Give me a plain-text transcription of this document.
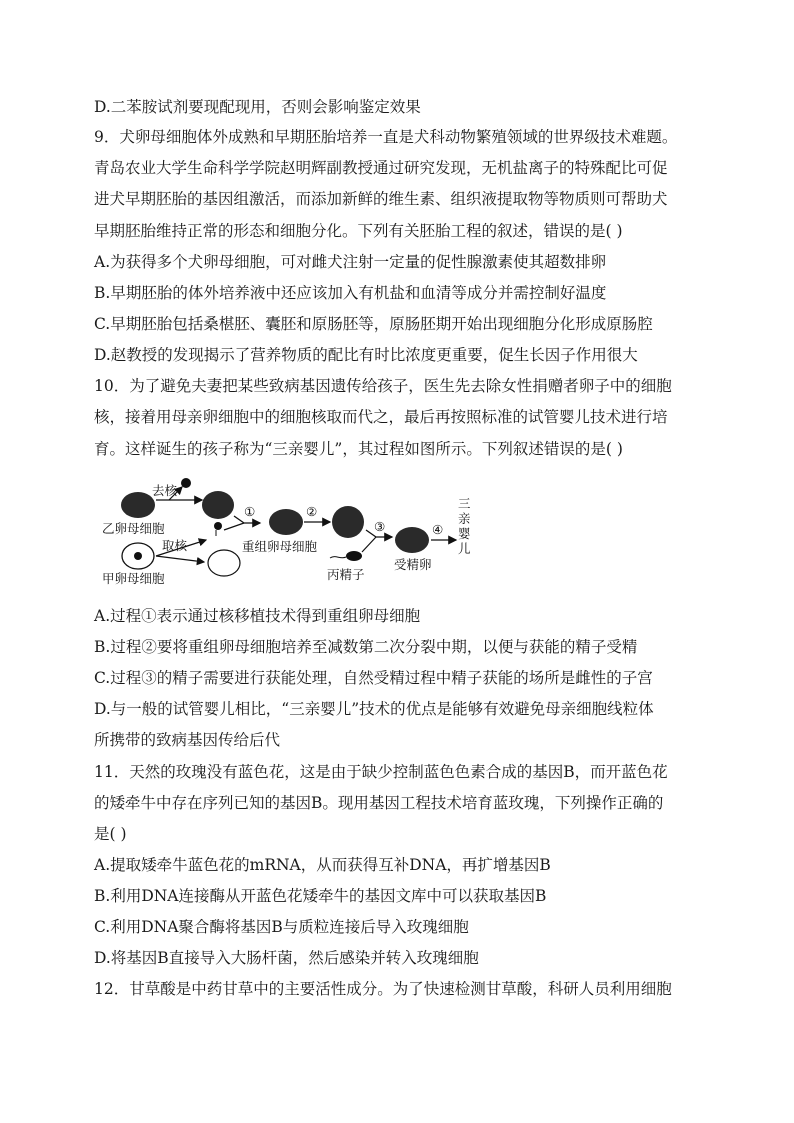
D.二苯胺试剂要现配现用，否则会影响鉴定效果
9．犬卵母细胞体外成熟和早期胚胎培养一直是犬科动物繁殖领域的世界级技术难题。
青岛农业大学生命科学学院赵明辉副教授通过研究发现，无机盐离子的特殊配比可促
进犬早期胚胎的基因组激活，而添加新鲜的维生素、组织液提取物等物质则可帮助犬
早期胚胎维持正常的形态和细胞分化。下列有关胚胎工程的叙述，错误的是( )
A.为获得多个犬卵母细胞，可对雌犬注射一定量的促性腺激素使其超数排卵
B.早期胚胎的体外培养液中还应该加入有机盐和血清等成分并需控制好温度
C.早期胚胎包括桑椹胚、囊胚和原肠胚等，原肠胚期开始出现细胞分化形成原肠腔
D.赵教授的发现揭示了营养物质的配比有时比浓度更重要，促生长因子作用很大
10．为了避免夫妻把某些致病基因遗传给孩子，医生先去除女性捐赠者卵子中的细胞
核，接着用母亲卵细胞中的细胞核取而代之，最后再按照标准的试管婴儿技术进行培
育。这样诞生的孩子称为“三亲婴儿”，其过程如图所示。下列叙述错误的是( )
乙卵母细胞
去核
甲卵母细胞
取核
①
重组卵母细胞
②
丙精子
③
受精卵
④
三
亲
婴
儿
A.过程①表示通过核移植技术得到重组卵母细胞
B.过程②要将重组卵母细胞培养至减数第二次分裂中期，以便与获能的精子受精
C.过程③的精子需要进行获能处理，自然受精过程中精子获能的场所是雌性的子宫
D.与一般的试管婴儿相比，“三亲婴儿”技术的优点是能够有效避免母亲细胞线粒体
所携带的致病基因传给后代
11．天然的玫瑰没有蓝色花，这是由于缺少控制蓝色色素合成的基因B，而开蓝色花
的矮牵牛中存在序列已知的基因B。现用基因工程技术培育蓝玫瑰，下列操作正确的
是( )
A.提取矮牵牛蓝色花的mRNA，从而获得互补DNA，再扩增基因B
B.利用DNA连接酶从开蓝色花矮牵牛的基因文库中可以获取基因B
C.利用DNA聚合酶将基因B与质粒连接后导入玫瑰细胞
D.将基因B直接导入大肠杆菌，然后感染并转入玫瑰细胞
12．甘草酸是中药甘草中的主要活性成分。为了快速检测甘草酸，科研人员利用细胞
